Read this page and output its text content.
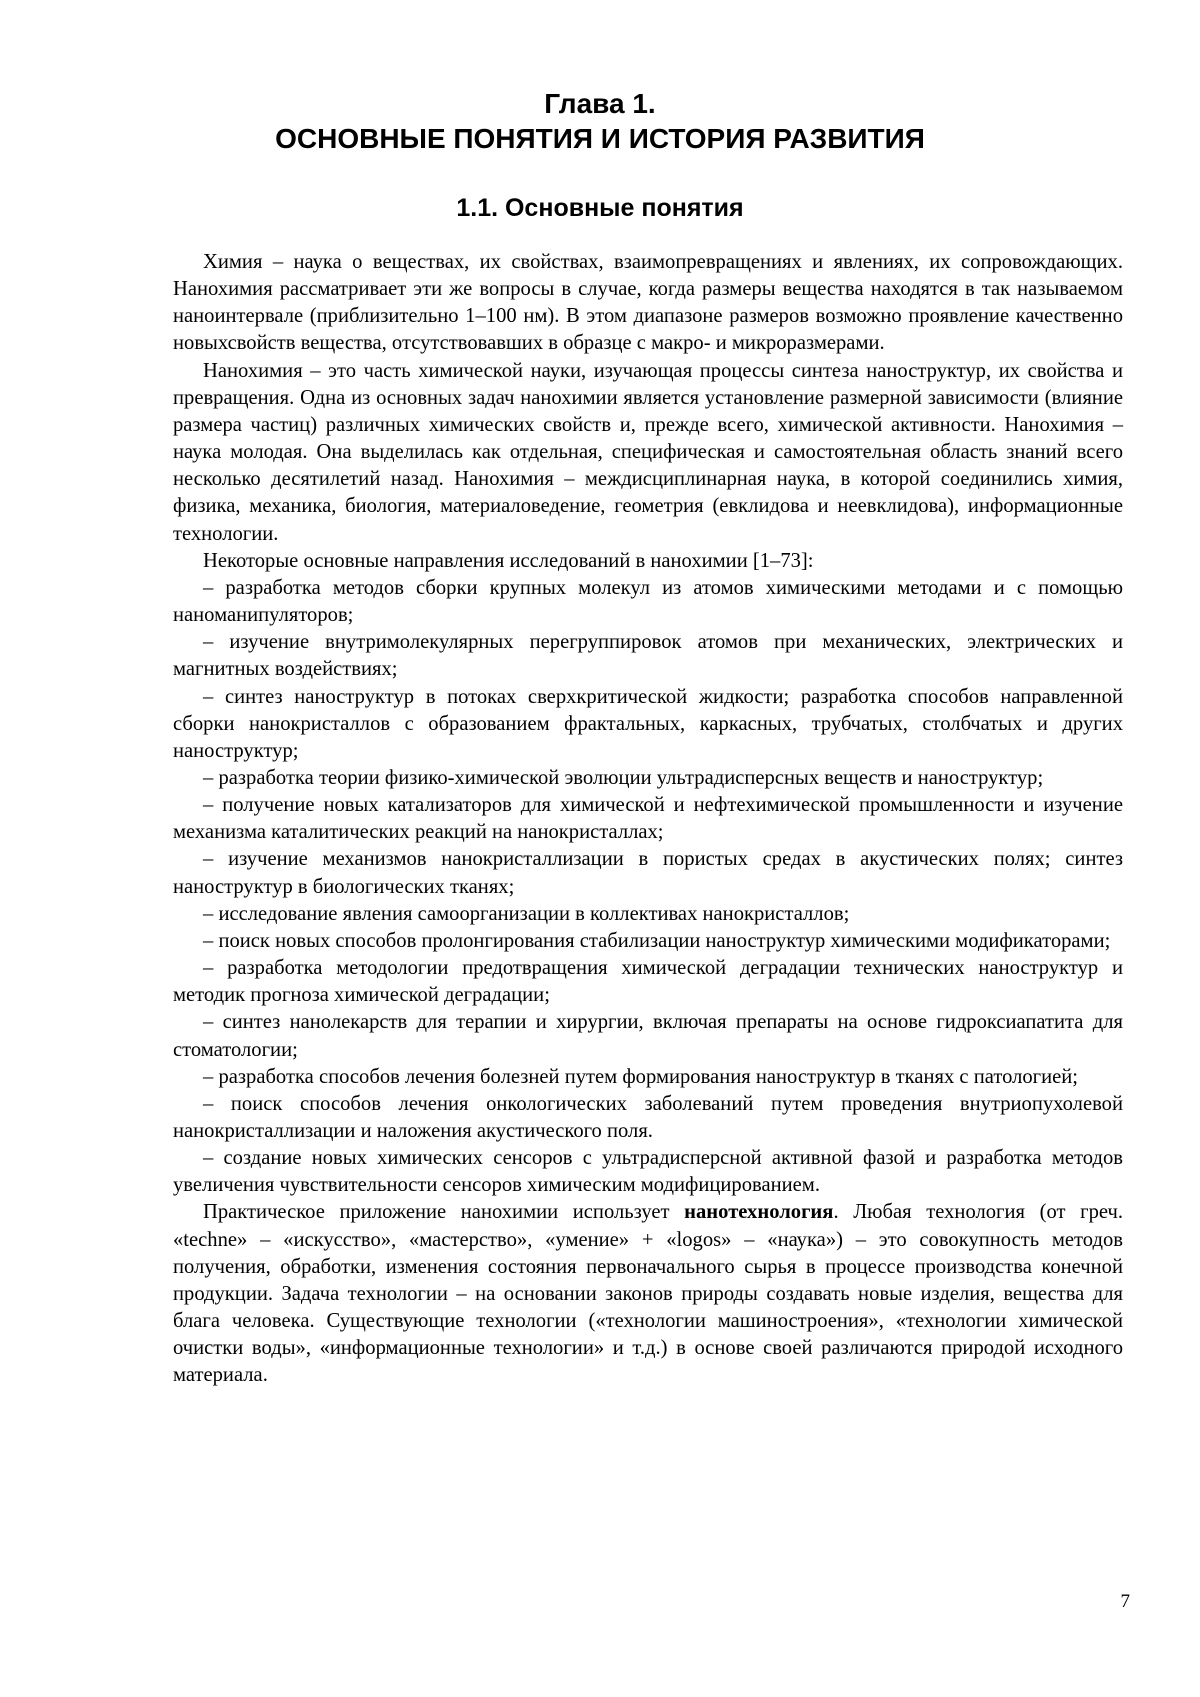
Глава 1.
ОСНОВНЫЕ ПОНЯТИЯ И ИСТОРИЯ РАЗВИТИЯ
1.1. Основные понятия

Химия – наука о веществах, их свойствах, взаимопревращениях и явлениях, их сопровождающих. Нанохимия рассматривает эти же вопросы в случае, когда размеры вещества находятся в так называемом наноинтервале (приблизительно 1–100 нм). В этом диапазоне размеров возможно проявление качественно новыхсвойств вещества, отсутствовавших в образце с макро- и микроразмерами.

Нанохимия – это часть химической науки, изучающая процессы синтеза наноструктур, их свойства и превращения. Одна из основных задач нанохимии является установление размерной зависимости (влияние размера частиц) различных химических свойств и, прежде всего, химической активности. Нанохимия – наука молодая. Она выделилась как отдельная, специфическая и самостоятельная область знаний всего несколько десятилетий назад. Нанохимия – междисциплинарная наука, в которой соединились химия, физика, механика, биология, материаловедение, геометрия (евклидова и неевклидова), информационные технологии.

Некоторые основные направления исследований в нанохимии [1–73]:

– разработка методов сборки крупных молекул из атомов химическими методами и с помощью наноманипуляторов;

– изучение внутримолекулярных перегруппировок атомов при механических, электрических и магнитных воздействиях;

– синтез наноструктур в потоках сверхкритической жидкости; разработка способов направленной сборки нанокристаллов с образованием фрактальных, каркасных, трубчатых, столбчатых и других наноструктур;

– разработка теории физико-химической эволюции ультрадисперсных веществ и наноструктур;

– получение новых катализаторов для химической и нефтехимической промышленности и изучение механизма каталитических реакций на нанокристаллах;

– изучение механизмов нанокристаллизации в пористых средах в акустических полях; синтез наноструктур в биологических тканях;

– исследование явления самоорганизации в коллективах нанокристаллов;

– поиск новых способов пролонгирования стабилизации наноструктур химическими модификаторами;

– разработка методологии предотвращения химической деградации технических наноструктур и методик прогноза химической деградации;

– синтез нанолекарств для терапии и хирургии, включая препараты на основе гидроксиапатита для стоматологии;

– разработка способов лечения болезней путем формирования наноструктур в тканях с патологией;

– поиск способов лечения онкологических заболеваний путем проведения внутриопухолевой нанокристаллизации и наложения акустического поля.

– создание новых химических сенсоров с ультрадисперсной активной фазой и разработка методов увеличения чувствительности сенсоров химическим модифицированием.

Практическое приложение нанохимии использует нанотехнология. Любая технология (от греч. «techne» – «искусство», «мастерство», «умение» + «logos» – «наука») – это совокупность методов получения, обработки, изменения состояния первоначального сырья в процессе производства конечной продукции. Задача технологии – на основании законов природы создавать новые изделия, вещества для блага человека. Существующие технологии («технологии машиностроения», «технологии химической очистки воды», «информационные технологии» и т.д.) в основе своей различаются природой исходного материала.

7
